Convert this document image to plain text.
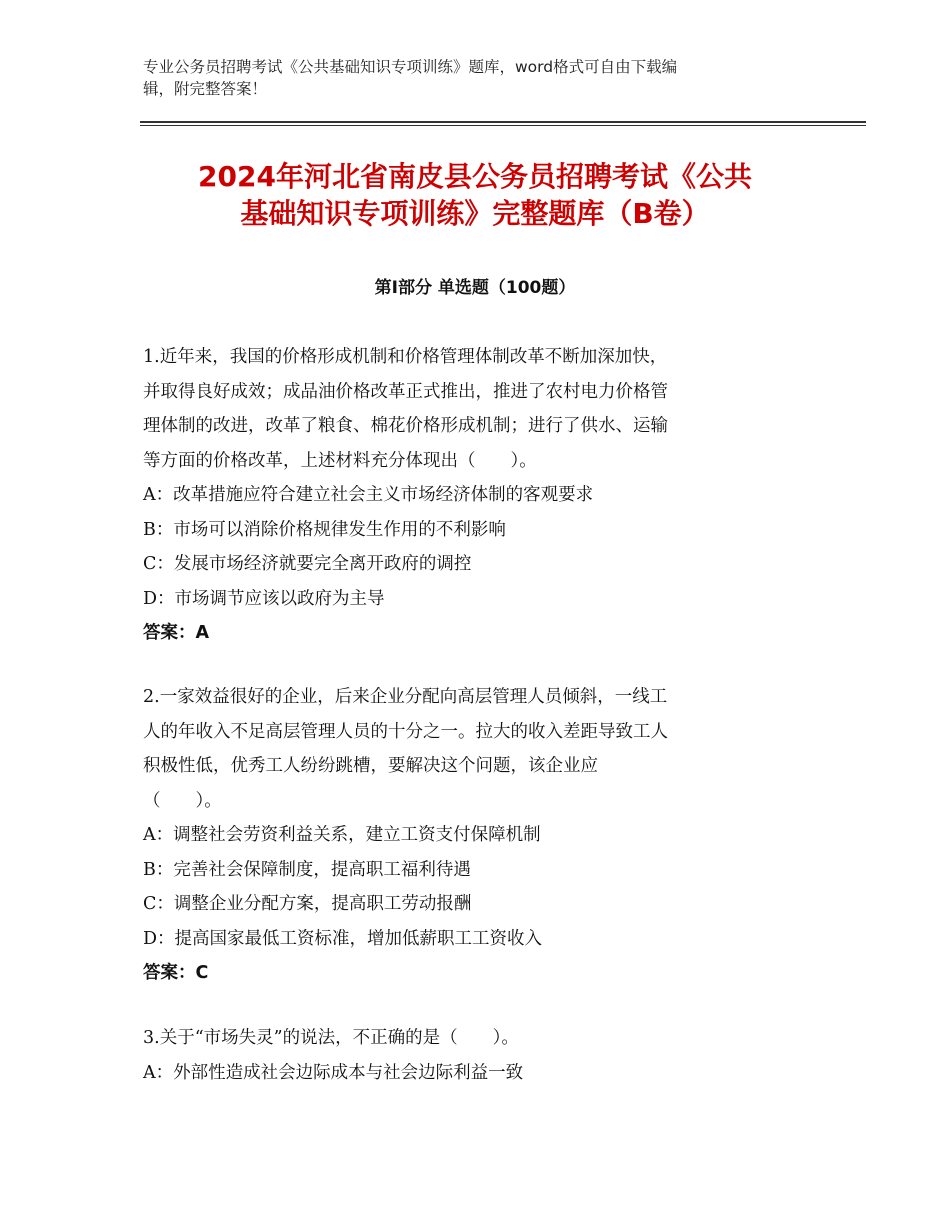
专业公务员招聘考试《公共基础知识专项训练》题库，word格式可自由下载编
辑，附完整答案！
2024年河北省南皮县公务员招聘考试《公共
基础知识专项训练》完整题库（B卷）
第Ⅰ部分 单选题（100题）
1.近年来，我国的价格形成机制和价格管理体制改革不断加深加快，
并取得良好成效；成品油价格改革正式推出，推进了农村电力价格管
理体制的改进，改革了粮食、棉花价格形成机制；进行了供水、运输
等方面的价格改革，上述材料充分体现出（　　）。
A：改革措施应符合建立社会主义市场经济体制的客观要求
B：市场可以消除价格规律发生作用的不利影响
C：发展市场经济就要完全离开政府的调控
D：市场调节应该以政府为主导
答案：A
2.一家效益很好的企业，后来企业分配向高层管理人员倾斜，一线工
人的年收入不足高层管理人员的十分之一。拉大的收入差距导致工人
积极性低，优秀工人纷纷跳槽，要解决这个问题，该企业应
（　　）。
A：调整社会劳资利益关系，建立工资支付保障机制
B：完善社会保障制度，提高职工福利待遇
C：调整企业分配方案，提高职工劳动报酬
D：提高国家最低工资标准，增加低薪职工工资收入
答案：C
3.关于“市场失灵”的说法，不正确的是（　　）。
A：外部性造成社会边际成本与社会边际利益一致
